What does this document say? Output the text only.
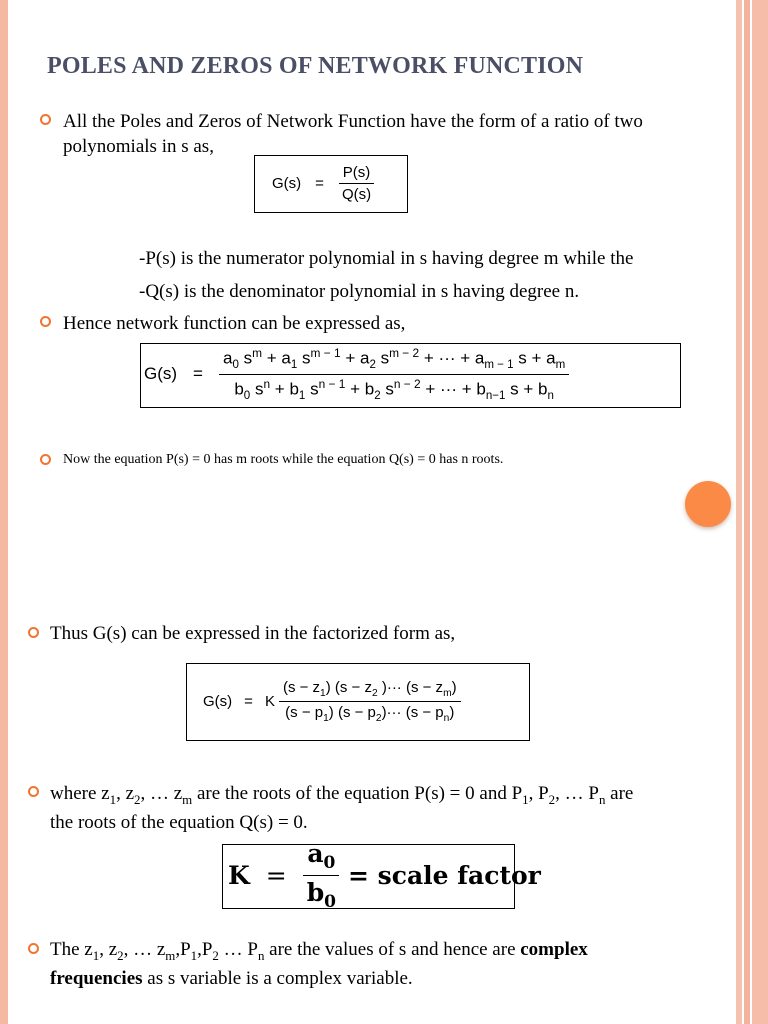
POLES AND ZEROS OF NETWORK FUNCTION
All the Poles and Zeros of Network Function have the form of a ratio of two
polynomials in s as,
$G(s) = \frac{P(s)}{Q(s)}$
-P(s) is the numerator polynomial in s having degree m while the
-Q(s) is the denominator polynomial in s having degree n.
Hence network function can be expressed as,
$G(s) = \frac{a_0 s^m + a_1 s^{m - 1} + a_2 s^{m - 2} + \cdot\cdot\cdot + a_{m - 1} s + a_m}{b_0 s^n + b_1 s^{n - 1} + b_2 s^{n - 2} + \cdot\cdot\cdot + b_{n-1} s + b_n}$
Now the equation P(s) = 0 has m roots while the equation Q(s) = 0 has n roots.
Thus G(s) can be expressed in the factorized form as,
G(s) = K $\frac{(s - z_1) (s - z_2 )\cdot\cdot\cdot (s - z_m)}{(s - p_1) (s - p_2)\cdot\cdot\cdot (s - p_n)}$
where $z_1$, $z_2$, … $z_m$ are the roots of the equation P(s) = 0 and $P_1$, $P_2$, … $P_n$ are
the roots of the equation Q(s) = 0.
$K = \frac{a_0}{b_0}$ = scale factor
The $z_1$, $z_2$, … $z_m,P_1,P_2$ … $P_n$ are the values of s and hence are complex
frequencies as s variable is a complex variable.
